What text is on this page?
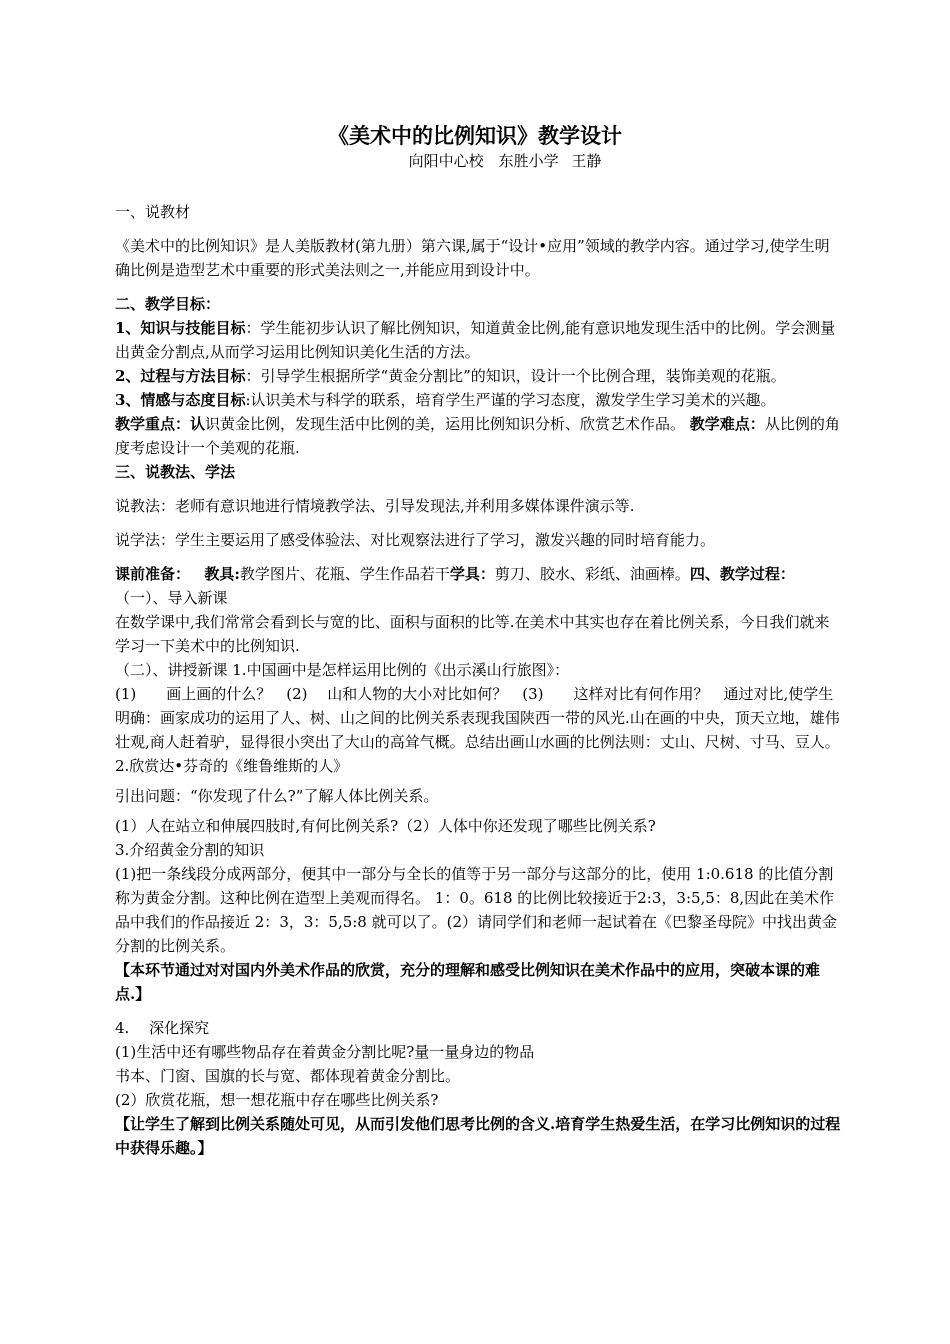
《美术中的比例知识》教学设计
向阳中心校　东胜小学 王静

一、说教材

《美术中的比例知识》是人美版教材(第九册）第六课,属于“设计•应用”领域的教学内容。通过学习,使学生明确比例是造型艺术中重要的形式美法则之一,并能应用到设计中。

二、教学目标：

1、知识与技能目标：学生能初步认识了解比例知识，知道黄金比例,能有意识地发现生活中的比例。学会测量出黄金分割点,从而学习运用比例知识美化生活的方法。

2、过程与方法目标：引导学生根据所学“黄金分割比”的知识，设计一个比例合理，装饰美观的花瓶。

3、情感与态度目标:认识美术与科学的联系，培育学生严谨的学习态度，激发学生学习美术的兴趣。

教学重点：认识黄金比例，发现生活中比例的美，运用比例知识分析、欣赏艺术作品。 教学难点：从比例的角度考虑设计一个美观的花瓶.

三、说教法、学法

说教法：老师有意识地进行情境教学法、引导发现法,并利用多媒体课件演示等.

说学法：学生主要运用了感受体验法、对比观察法进行了学习，激发兴趣的同时培育能力。

课前准备： 教具:教学图片、花瓶、学生作品若干学具：剪刀、胶水、彩纸、油画棒。四、教学过程：

（一）、导入新课

在数学课中,我们常常会看到长与宽的比、面积与面积的比等.在美术中其实也存在着比例关系，今日我们就来学习一下美术中的比例知识.

（二）、讲授新课 1.中国画中是怎样运用比例的《出示溪山行旅图》：

(1)　　画上画的什么？　(2)　 山和人物的大小对比如何？　(3)　　这样对比有何作用？　通过对比,使学生明确：画家成功的运用了人、树、山之间的比例关系表现我国陕西一带的风光.山在画的中央，顶天立地，雄伟壮观,商人赶着驴，显得很小突出了大山的高耸气概。总结出画山水画的比例法则：丈山、尺树、寸马、豆人。2.欣赏达•芬奇的《维鲁维斯的人》

引出问题：“你发现了什么?”了解人体比例关系。

(1）人在站立和伸展四肢时,有何比例关系?（2）人体中你还发现了哪些比例关系?

3.介绍黄金分割的知识

(1)把一条线段分成两部分，便其中一部分与全长的值等于另一部分与这部分的比，使用 1:0.618 的比值分割称为黄金分割。这种比例在造型上美观而得名。 1：0。618 的比例比较接近于2:3，3:5,5：8,因此在美术作品中我们的作品接近 2：3，3：5,5:8 就可以了。(2）请同学们和老师一起试着在《巴黎圣母院》中找出黄金分割的比例关系。

【本环节通过对对国内外美术作品的欣赏，充分的理解和感受比例知识在美术作品中的应用，突破本课的难点.】

4.　 深化探究

(1)生活中还有哪些物品存在着黄金分割比呢?量一量身边的物品

书本、门窗、国旗的长与宽、都体现着黄金分割比。

(2）欣赏花瓶，想一想花瓶中存在哪些比例关系?

【让学生了解到比例关系随处可见，从而引发他们思考比例的含义.培育学生热爱生活，在学习比例知识的过程中获得乐趣。】
